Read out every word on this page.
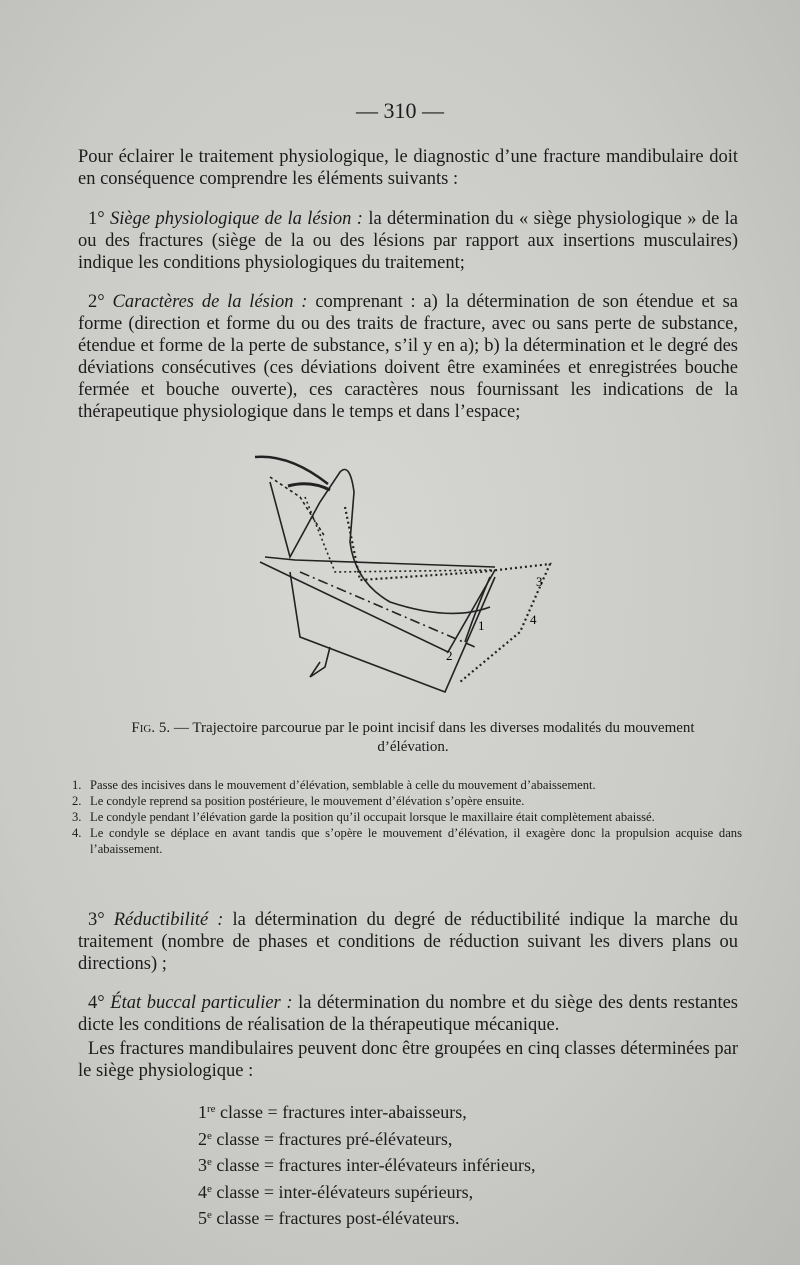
— 310 —

Pour éclairer le traitement physiologique, le diagnostic d’une fracture mandibulaire doit en conséquence comprendre les éléments suivants :

1° Siège physiologique de la lésion : la détermination du « siège physiologique » de la ou des fractures (siège de la ou des lésions par rapport aux insertions musculaires) indique les conditions physiologiques du traitement;

2° Caractères de la lésion : comprenant : a) la détermination de son étendue et sa forme (direction et forme du ou des traits de fracture, avec ou sans perte de substance, étendue et forme de la perte de substance, s’il y en a); b) la détermination et le degré des déviations consécutives (ces déviations doivent être examinées et enregistrées bouche fermée et bouche ouverte), ces caractères nous fournissant les indications de la thérapeutique physiologique dans le temps et dans l’espace;

1
2
3
4
Fig. 5. — Trajectoire parcourue par le point incisif dans les diverses modalités du mouvement d’élévation.

1. Passe des incisives dans le mouvement d’élévation, semblable à celle du mouvement d’abaissement.

2. Le condyle reprend sa position postérieure, le mouvement d’élévation s’opère ensuite.

3. Le condyle pendant l’élévation garde la position qu’il occupait lorsque le maxillaire était complètement abaissé.

4. Le condyle se déplace en avant tandis que s’opère le mouvement d’élévation, il exagère donc la propulsion acquise dans l’abaissement.

3° Réductibilité : la détermination du degré de réductibilité indique la marche du traitement (nombre de phases et conditions de réduction suivant les divers plans ou directions) ;

4° État buccal particulier : la détermination du nombre et du siège des dents restantes dicte les conditions de réalisation de la thérapeutique mécanique.

Les fractures mandibulaires peuvent donc être groupées en cinq classes déterminées par le siège physiologique :

1re classe = fractures inter-abaisseurs,
2e classe = fractures pré-élévateurs,
3e classe = fractures inter-élévateurs inférieurs,
4e classe = inter-élévateurs supérieurs,
5e classe = fractures post-élévateurs.
